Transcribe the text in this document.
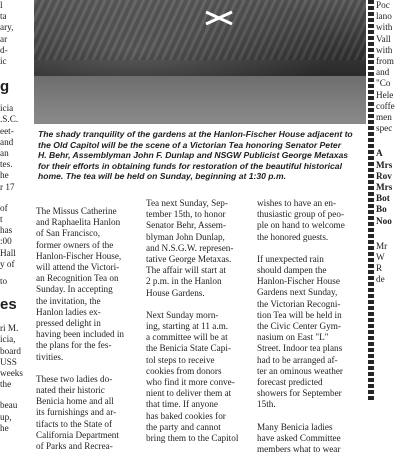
l
ta
ary,
ar
d-
ic

g

icia
.S.C.
eet-
and
an
tes.
he
r 17

of
t
has
:00
Hall
y of

to

es

ri M.
icia,
board
USS
weeks
the

beau
up,
he

The shady tranquility of the gardens at the Hanlon-Fischer House adjacent to
the Old Capitol will be the scene of a Victorian Tea honoring Senator Peter
H. Behr, Assemblyman John F. Dunlap and NSGW Publicist George Metaxas
for their efforts in obtaining funds for restoration of the beautiful historical
home. The tea will be held on Sunday, beginning at 1:30 p.m.

The Missus Catherine
and Raphaelita Hanlon
of San Francisco,
former owners of the
Hanlon-Fischer House,
will attend the Victori-
an Recognition Tea on
Sunday. In accepting
the invitation, the
Hanlon ladies ex-
pressed delight in
having been included in
the plans for the fes-
tivities.

These two ladies do-
nated their historic
Benicia home and all
its furnishings and ar-
tifacts to the State of
California Department
of Parks and Recrea-

Tea next Sunday, Sep-
tember 15th, to honor
Senator Behr, Assem-
blyman John Dunlap,
and N.S.G.W. represen-
tative George Metaxas.
The affair will start at
2 p.m. in the Hanlon
House Gardens.

Next Sunday morn-
ing, starting at 11 a.m.
a committee will be at
the Benicia State Capi-
tol steps to receive
cookies from donors
who find it more conve-
nient to deliver them at
that time. If anyone
has baked cookies for
the party and cannot
bring them to the Capitol

wishes to have an en-
thusiastic group of peo-
ple on hand to welcome
the honored guests.

If unexpected rain
should dampen the
Hanlon-Fischer House
Gardens next Sunday,
the Victorian Recogni-
tion Tea will be held in
the Civic Center Gym-
nasium on East "L"
Street. Indoor tea plans
had to be arranged af-
ter an ominous weather
forecast predicted
showers for September
15th.

Many Benicia ladies
have asked Committee
members what to wear

Poc
lano
with
Vall
with
from
and
"Co
Hele
coffe
men
spec

A
Mrs
Rov
Mrs
Bot
Bo
Noo

Mr
W
R
de
